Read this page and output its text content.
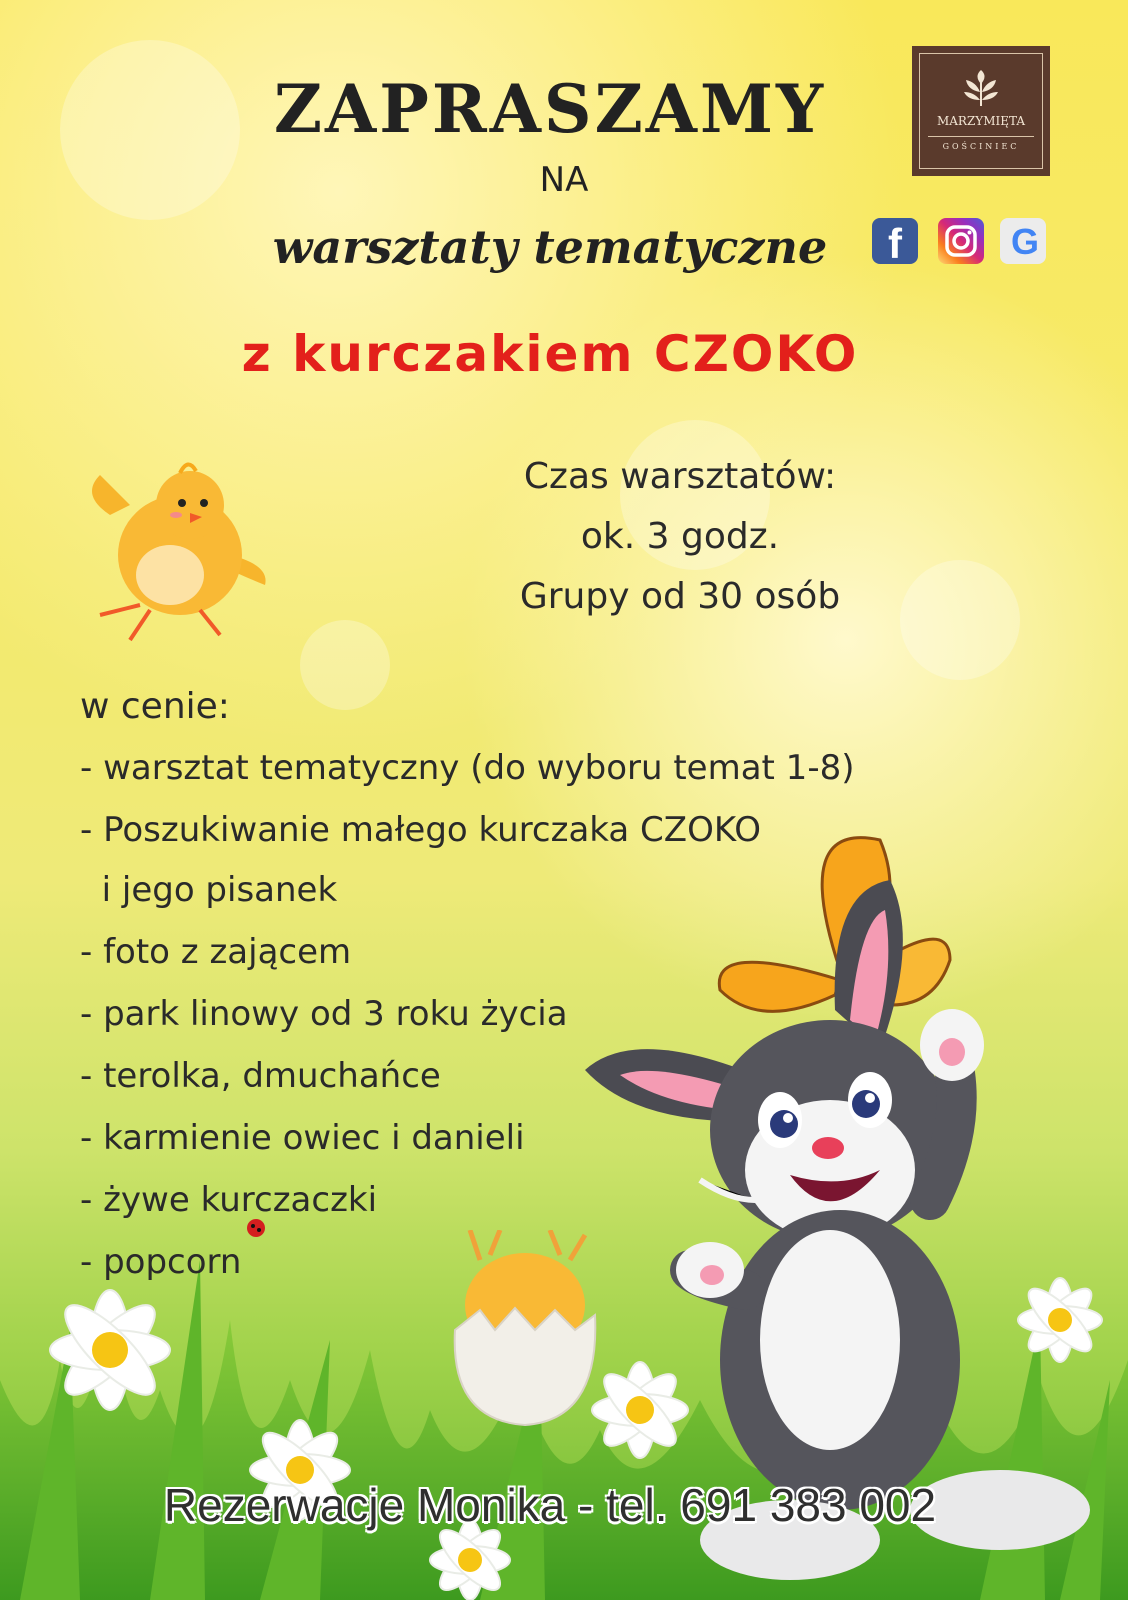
MARZYMIĘTA
GOŚCINIEC
f	G
ZAPRASZAMY
NA
warsztaty tematyczne
z kurczakiem CZOKO
Czas warsztatów:
ok. 3 godz.
Grupy od 30 osób
w cenie:
- warsztat tematyczny (do wyboru temat 1-8)
- Poszukiwanie małego kurczaka CZOKO
i jego pisanek
- foto z zającem
- park linowy od 3 roku życia
- terolka, dmuchańce
- karmienie owiec i danieli
- żywe kurczaczki
- popcorn
Rezerwacje Monika - tel. 691 383 002
